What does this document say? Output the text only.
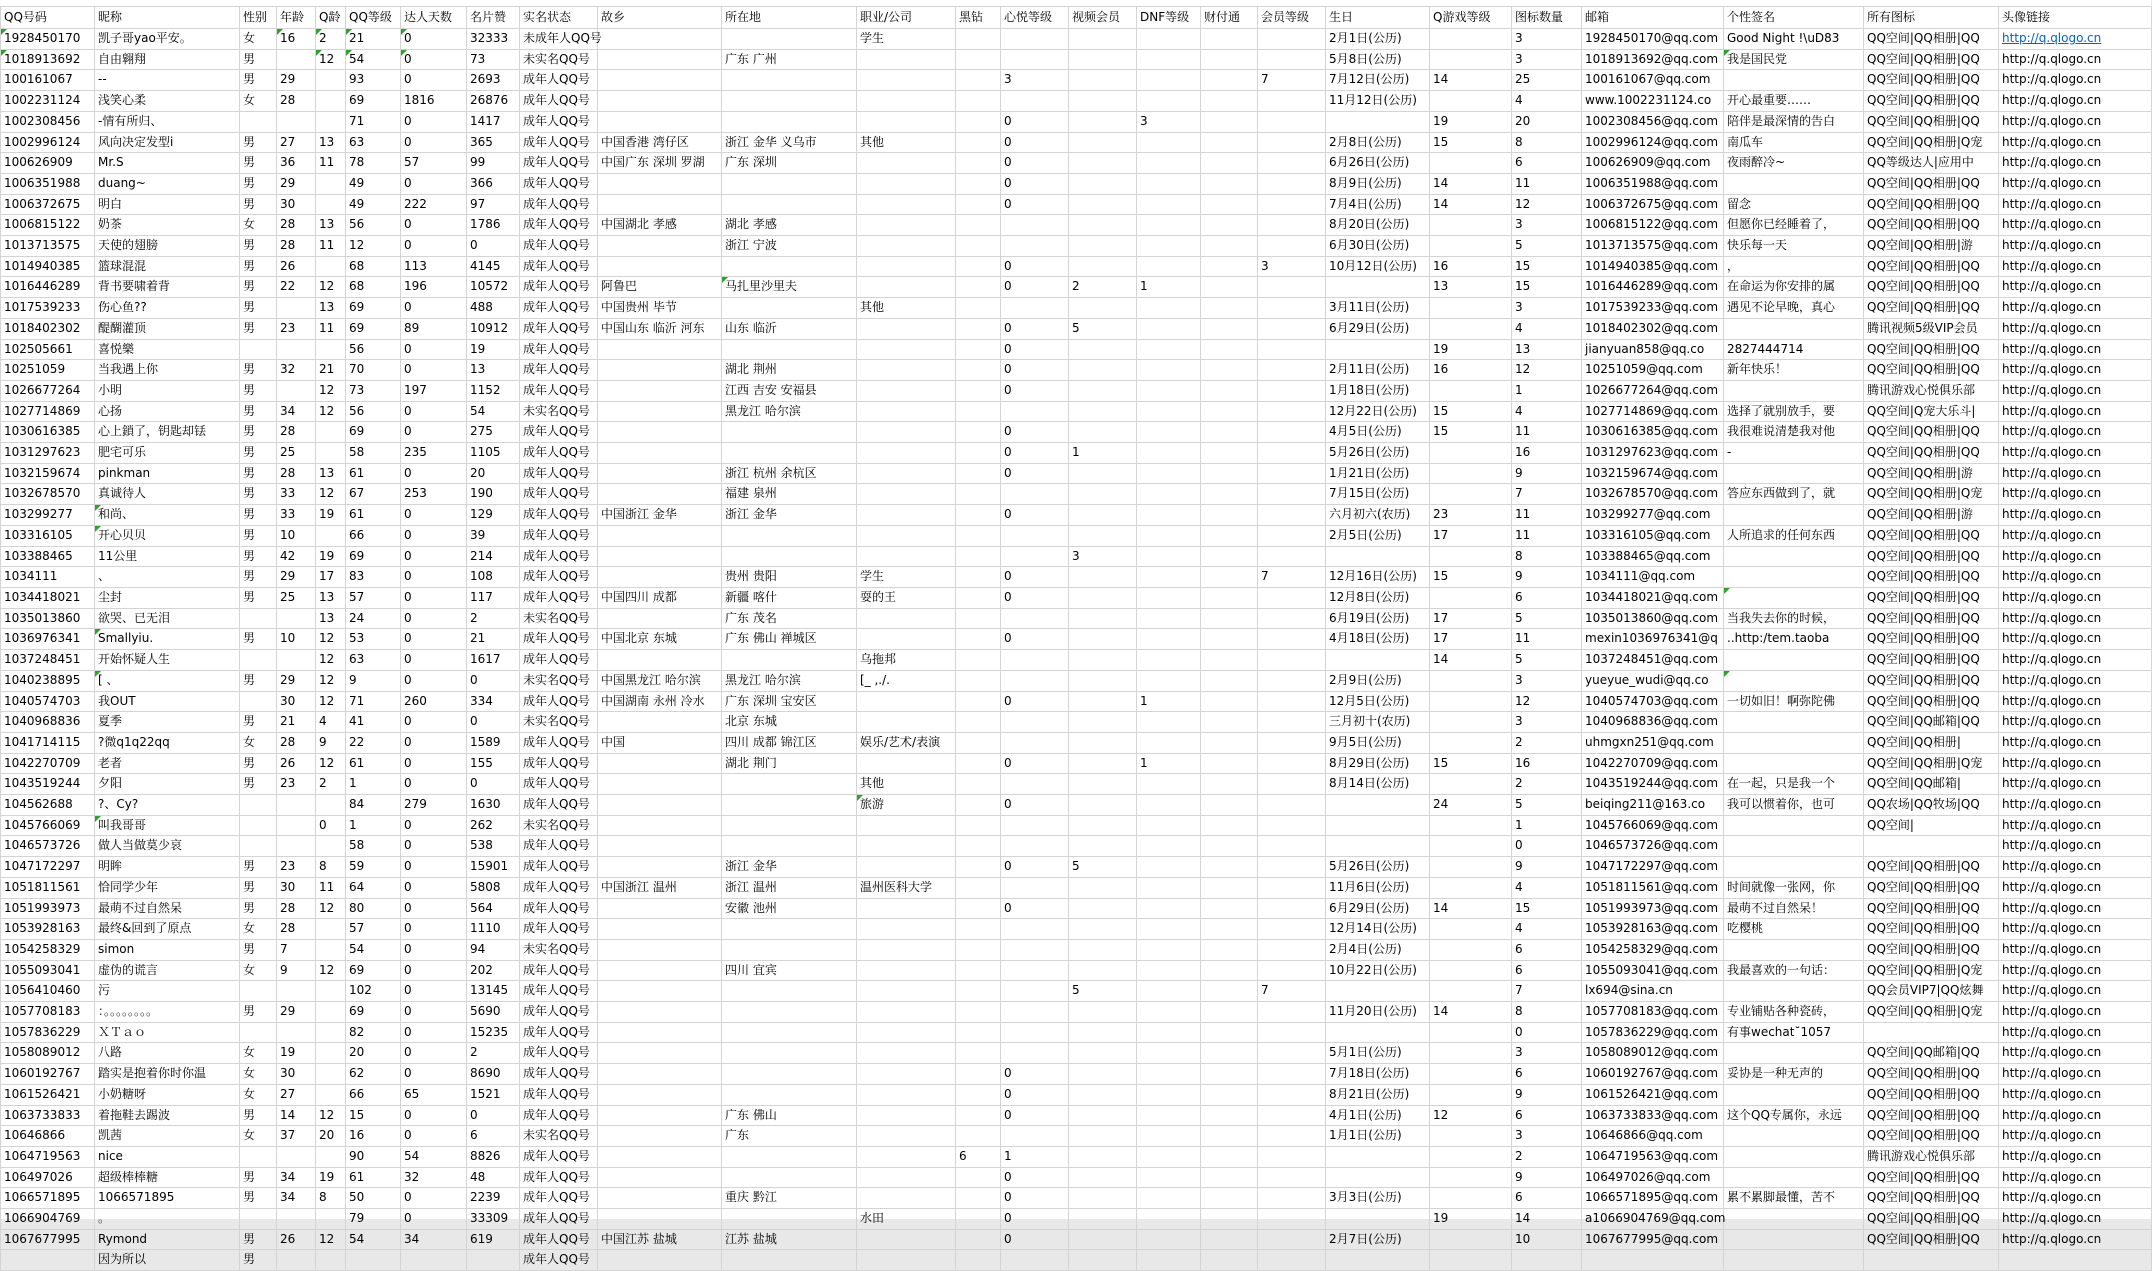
QQ号码	昵称	性别	年龄	Q龄	QQ等级	达人天数	名片赞	实名状态	故乡	所在地	职业/公司	黑钻	心悦等级	视频会员	DNF等级	财付通	会员等级	生日	Q游戏等级	图标数量	邮箱	个性签名	所有图标	头像链接
1928450170	凯子哥yao平安。	女	16	2	21	0	32333	未成年人QQ号			学生							2月1日(公历)		3	1928450170@qq.com	Good Night !\uD83	QQ空间|QQ相册|QQ	http://q.qlogo.cn
1018913692	自由翱翔	男		12	54	0	73	未实名QQ号		广东 广州								5月8日(公历)		3	1018913692@qq.com	我是国民党	QQ空间|QQ相册|QQ	http://q.qlogo.cn
100161067	--	男	29		93	0	2693	成年人QQ号					3				7	7月12日(公历)	14	25	100161067@qq.com		QQ空间|QQ相册|QQ	http://q.qlogo.cn
1002231124	浅笑心柔	女	28		69	1816	26876	成年人QQ号										11月12日(公历)		4	www.1002231124.co	开心最重要……	QQ空间|QQ相册|QQ	http://q.qlogo.cn
1002308456	-情有所归、				71	0	1417	成年人QQ号					0		3				19	20	1002308456@qq.com	陪伴是最深情的告白	QQ空间|QQ相册|QQ	http://q.qlogo.cn
1002996124	风向决定发型i	男	27	13	63	0	365	成年人QQ号	中国香港 湾仔区	浙江 金华 义乌市	其他		0					2月8日(公历)	15	8	1002996124@qq.com	南瓜车	QQ空间|QQ相册|Q宠	http://q.qlogo.cn
100626909	Mr.S	男	36	11	78	57	99	成年人QQ号	中国广东 深圳 罗湖	广东 深圳			0					6月26日(公历)		6	100626909@qq.com	夜雨醉冷~	QQ等级达人|应用中	http://q.qlogo.cn
1006351988	duang~	男	29		49	0	366	成年人QQ号					0					8月9日(公历)	14	11	1006351988@qq.com		QQ空间|QQ相册|QQ	http://q.qlogo.cn
1006372675	明白	男	30		49	222	97	成年人QQ号					0					7月4日(公历)	14	12	1006372675@qq.com	留念	QQ空间|QQ相册|QQ	http://q.qlogo.cn
1006815122	奶茶	女	28	13	56	0	1786	成年人QQ号	中国湖北 孝感	湖北 孝感								8月20日(公历)		3	1006815122@qq.com	但愿你已经睡着了，	QQ空间|QQ相册|QQ	http://q.qlogo.cn
1013713575	天使的翅膀	男	28	11	12	0	0	成年人QQ号		浙江 宁波								6月30日(公历)		5	1013713575@qq.com	快乐每一天	QQ空间|QQ相册|游	http://q.qlogo.cn
1014940385	篮球混混	男	26		68	113	4145	成年人QQ号					0				3	10月12日(公历)	16	15	1014940385@qq.com	，	QQ空间|QQ相册|QQ	http://q.qlogo.cn
1016446289	背书要啸着背	男	22	12	68	196	10572	成年人QQ号	阿鲁巴	马扎里沙里夫			0	2	1				13	15	1016446289@qq.com	在命运为你安排的属	QQ空间|QQ相册|QQ	http://q.qlogo.cn
1017539233	伤心鱼??	男		13	69	0	488	成年人QQ号	中国贵州 毕节		其他							3月11日(公历)		3	1017539233@qq.com	遇见不论早晚，真心	QQ空间|QQ相册|QQ	http://q.qlogo.cn
1018402302	醍醐灌顶	男	23	11	69	89	10912	成年人QQ号	中国山东 临沂 河东	山东 临沂			0	5				6月29日(公历)		4	1018402302@qq.com		腾讯视频5级VIP会员	http://q.qlogo.cn
102505661	喜悦樂				56	0	19	成年人QQ号					0						19	13	jianyuan858@qq.co	2827444714	QQ空间|QQ相册|QQ	http://q.qlogo.cn
10251059	当我遇上你	男	32	21	70	0	13	成年人QQ号		湖北 荆州			0					2月11日(公历)	16	12	10251059@qq.com	新年快乐！	QQ空间|QQ相册|QQ	http://q.qlogo.cn
1026677264	小明	男		12	73	197	1152	成年人QQ号		江西 吉安 安福县			0					1月18日(公历)		1	1026677264@qq.com		腾讯游戏心悦俱乐部	http://q.qlogo.cn
1027714869	心扬	男	34	12	56	0	54	未实名QQ号		黑龙江 哈尔滨								12月22日(公历)	15	4	1027714869@qq.com	选择了就别放手，要	QQ空间|Q宠大乐斗|	http://q.qlogo.cn
1030616385	心上鎖了，钥匙却铥	男	28		69	0	275	成年人QQ号					0					4月5日(公历)	15	11	1030616385@qq.com	我很难说清楚我对他	QQ空间|QQ相册|QQ	http://q.qlogo.cn
1031297623	肥宅可乐	男	25		58	235	1105	成年人QQ号					0	1				5月26日(公历)		16	1031297623@qq.com	-	QQ空间|QQ相册|QQ	http://q.qlogo.cn
1032159674	pinkman	男	28	13	61	0	20	成年人QQ号		浙江 杭州 余杭区			0					1月21日(公历)		9	1032159674@qq.com		QQ空间|QQ相册|游	http://q.qlogo.cn
1032678570	真诚待人	男	33	12	67	253	190	成年人QQ号		福建 泉州								7月15日(公历)		7	1032678570@qq.com	答应东西做到了，就	QQ空间|QQ相册|Q宠	http://q.qlogo.cn
103299277	和尚、	男	33	19	61	0	129	成年人QQ号	中国浙江 金华	浙江 金华			0					六月初六(农历)	23	11	103299277@qq.com		QQ空间|QQ相册|游	http://q.qlogo.cn
103316105	开心贝贝	男	10		66	0	39	成年人QQ号										2月5日(公历)	17	11	103316105@qq.com	人所追求的任何东西	QQ空间|QQ相册|QQ	http://q.qlogo.cn
103388465	11公里	男	42	19	69	0	214	成年人QQ号						3						8	103388465@qq.com		QQ空间|QQ相册|QQ	http://q.qlogo.cn
1034111	、	男	29	17	83	0	108	成年人QQ号		贵州 贵阳	学生		0				7	12月16日(公历)	15	9	1034111@qq.com		QQ空间|QQ相册|QQ	http://q.qlogo.cn
1034418021	尘封	男	25	13	57	0	117	成年人QQ号	中国四川 成都	新疆 喀什	耍的王		0					12月8日(公历)		6	1034418021@qq.com		QQ空间|QQ相册|QQ	http://q.qlogo.cn
1035013860	欲哭、已无泪			13	24	0	2	未实名QQ号		广东 茂名								6月19日(公历)	17	5	1035013860@qq.com	当我失去你的时候，	QQ空间|QQ相册|QQ	http://q.qlogo.cn
1036976341	Smallyiu.	男	10	12	53	0	21	成年人QQ号	中国北京 东城	广东 佛山 禅城区			0					4月18日(公历)	17	11	mexin1036976341@q	..http:/tem.taoba	QQ空间|QQ相册|QQ	http://q.qlogo.cn
1037248451	开始怀疑人生			12	63	0	1617	成年人QQ号			乌拖邦								14	5	1037248451@qq.com		QQ空间|QQ相册|QQ	http://q.qlogo.cn
1040238895	[ 、	男	29	12	9	0	0	未实名QQ号	中国黑龙江 哈尔滨	黑龙江 哈尔滨	[_ ,./.							2月9日(公历)		3	yueyue_wudi@qq.co		QQ空间|QQ相册|QQ	http://q.qlogo.cn
1040574703	我OUT		30	12	71	260	334	成年人QQ号	中国湖南 永州 冷水	广东 深圳 宝安区			0		1			12月5日(公历)		12	1040574703@qq.com	一切如旧！啊弥陀佛	QQ空间|QQ相册|QQ	http://q.qlogo.cn
1040968836	夏季	男	21	4	41	0	0	未实名QQ号		北京 东城								三月初十(农历)		3	1040968836@qq.com		QQ空间|QQ邮箱|QQ	http://q.qlogo.cn
1041714115	?微q1q22qq	女	28	9	22	0	1589	成年人QQ号	中国	四川 成都 锦江区	娱乐/艺术/表演							9月5日(公历)		2	uhmgxn251@qq.com		QQ空间|QQ相册|	http://q.qlogo.cn
1042270709	老者	男	26	12	61	0	155	成年人QQ号		湖北 荆门			0		1			8月29日(公历)	15	16	1042270709@qq.com		QQ空间|QQ相册|Q宠	http://q.qlogo.cn
1043519244	夕阳	男	23	2	1	0	0	成年人QQ号			其他							8月14日(公历)		2	1043519244@qq.com	在一起，只是我一个	QQ空间|QQ邮箱|	http://q.qlogo.cn
104562688	?、Cy?				84	279	1630	成年人QQ号			旅游		0						24	5	beiqing211@163.co	我可以惯着你，也可	QQ农场|QQ牧场|QQ	http://q.qlogo.cn
1045766069	叫我哥哥			0	1	0	262	未实名QQ号												1	1045766069@qq.com		QQ空间|	http://q.qlogo.cn
1046573726	做人当做莫少哀				58	0	538	成年人QQ号												0	1046573726@qq.com			http://q.qlogo.cn
1047172297	明眸	男	23	8	59	0	15901	成年人QQ号		浙江 金华			0	5				5月26日(公历)		9	1047172297@qq.com		QQ空间|QQ相册|QQ	http://q.qlogo.cn
1051811561	恰同学少年	男	30	11	64	0	5808	成年人QQ号	中国浙江 温州	浙江 温州	温州医科大学							11月6日(公历)		4	1051811561@qq.com	时间就像一张网，你	QQ空间|QQ相册|QQ	http://q.qlogo.cn
1051993973	最萌不过自然呆	男	28	12	80	0	564	成年人QQ号		安徽 池州			0					6月29日(公历)	14	15	1051993973@qq.com	最萌不过自然呆！	QQ空间|QQ相册|QQ	http://q.qlogo.cn
1053928163	最终&回到了原点	女	28		57	0	1110	成年人QQ号										12月14日(公历)		4	1053928163@qq.com	吃樱桃	QQ空间|QQ相册|QQ	http://q.qlogo.cn
1054258329	simon	男	7		54	0	94	未实名QQ号										2月4日(公历)		6	1054258329@qq.com		QQ空间|QQ相册|QQ	http://q.qlogo.cn
1055093041	虚伪的谎言	女	9	12	69	0	202	成年人QQ号		四川 宜宾								10月22日(公历)		6	1055093041@qq.com	我最喜欢的一句话：	QQ空间|QQ相册|Q宠	http://q.qlogo.cn
1056410460	污				102	0	13145	成年人QQ号						5			7			7	lx694@sina.cn		QQ会员VIP7|QQ炫舞	http://q.qlogo.cn
1057708183	：。。。。。。。。	男	29		69	0	5690	成年人QQ号										11月20日(公历)	14	8	1057708183@qq.com	专业铺贴各种瓷砖，	QQ空间|QQ相册|Q宠	http://q.qlogo.cn
1057836229	ＸＴａｏ				82	0	15235	成年人QQ号												0	1057836229@qq.com	有事wechat˘1057		http://q.qlogo.cn
1058089012	八路	女	19		20	0	2	成年人QQ号										5月1日(公历)		3	1058089012@qq.com		QQ空间|QQ邮箱|QQ	http://q.qlogo.cn
1060192767	踏实是抱着你时你温	女	30		62	0	8690	成年人QQ号					0					7月18日(公历)		6	1060192767@qq.com	妥协是一种无声的	QQ空间|QQ相册|QQ	http://q.qlogo.cn
1061526421	小奶糖呀	女	27		66	65	1521	成年人QQ号					0					8月21日(公历)		9	1061526421@qq.com		QQ空间|QQ相册|QQ	http://q.qlogo.cn
1063733833	着拖鞋去踢波	男	14	12	15	0	0	成年人QQ号		广东 佛山			0					4月1日(公历)	12	6	1063733833@qq.com	这个QQ专属你，永远	QQ空间|QQ相册|QQ	http://q.qlogo.cn
10646866	凯茜	女	37	20	16	0	6	未实名QQ号		广东								1月1日(公历)		3	10646866@qq.com		QQ空间|QQ相册|QQ	http://q.qlogo.cn
1064719563	nice				90	54	8826	成年人QQ号				6	1							2	1064719563@qq.com		腾讯游戏心悦俱乐部	http://q.qlogo.cn
106497026	超级棒棒糖	男	34	19	61	32	48	成年人QQ号					0							9	106497026@qq.com		QQ空间|QQ相册|QQ	http://q.qlogo.cn
1066571895	1066571895	男	34	8	50	0	2239	成年人QQ号		重庆 黔江			0					3月3日(公历)		6	1066571895@qq.com	累不累脚最懂，苦不	QQ空间|QQ相册|QQ	http://q.qlogo.cn
1066904769	。				79	0	33309	成年人QQ号			水田		0						19	14	a1066904769@qq.com		QQ空间|QQ相册|QQ	http://q.qlogo.cn
1067677995	Rymond	男	26	12	54	34	619	成年人QQ号	中国江苏 盐城	江苏 盐城			0					2月7日(公历)		10	1067677995@qq.com		QQ空间|QQ相册|QQ	http://q.qlogo.cn
	因为所以	男						成年人QQ号																
